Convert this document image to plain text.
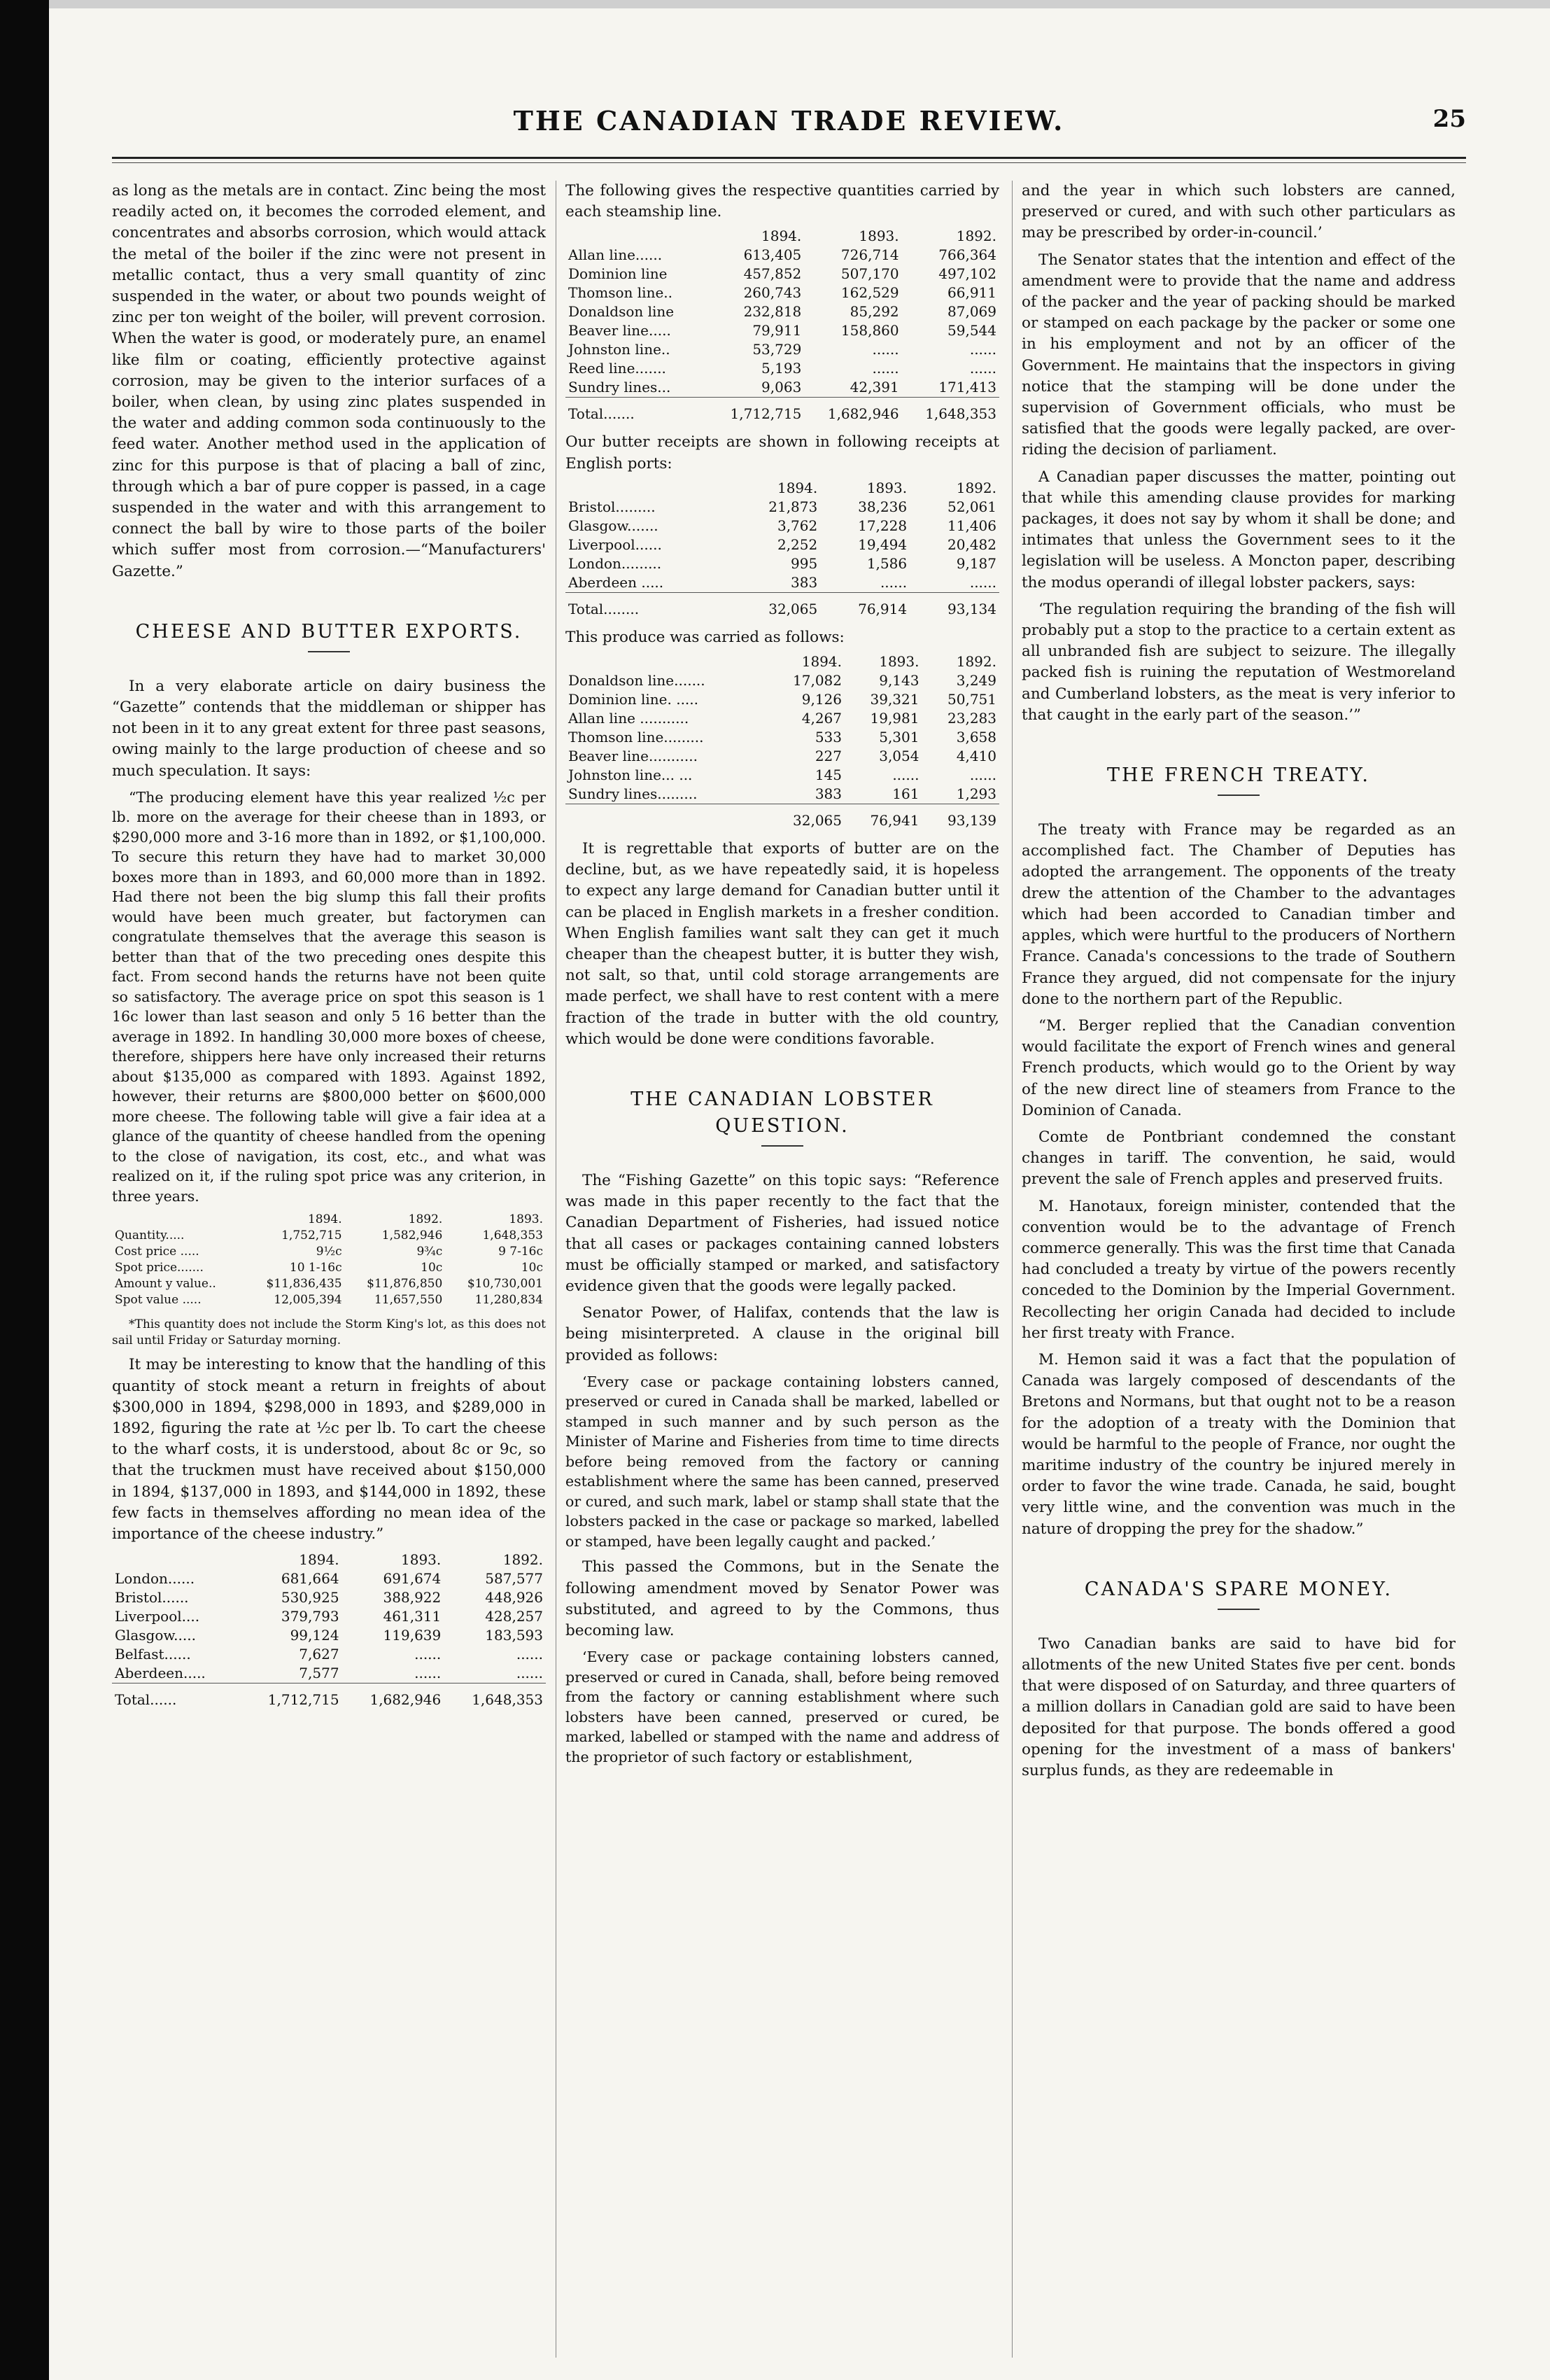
THE CANADIAN TRADE REVIEW.	25

as long as the metals are in contact. Zinc being the most readily acted on, it becomes the corroded element, and concentrates and absorbs corrosion, which would attack the metal of the boiler if the zinc were not present in metallic contact, thus a very small quantity of zinc suspended in the water, or about two pounds weight of zinc per ton weight of the boiler, will prevent corrosion. When the water is good, or moderately pure, an enamel like film or coating, efficiently protective against corrosion, may be given to the interior surfaces of a boiler, when clean, by using zinc plates suspended in the water and adding common soda continuously to the feed water. Another method used in the application of zinc for this purpose is that of placing a ball of zinc, through which a bar of pure copper is passed, in a cage suspended in the water and with this arrangement to connect the ball by wire to those parts of the boiler which suffer most from corrosion.—“Manufacturers' Gazette.”

CHEESE AND BUTTER EXPORTS.

In a very elaborate article on dairy business the “Gazette” contends that the middleman or shipper has not been in it to any great extent for three past seasons, owing mainly to the large production of cheese and so much speculation. It says:

“The producing element have this year realized ½c per lb. more on the average for their cheese than in 1893, or $290,000 more and 3-16 more than in 1892, or $1,100,000. To secure this return they have had to market 30,000 boxes more than in 1893, and 60,000 more than in 1892. Had there not been the big slump this fall their profits would have been much greater, but factorymen can congratulate themselves that the average this season is better than that of the two preceding ones despite this fact. From second hands the returns have not been quite so satisfactory. The average price on spot this season is 1 16c lower than last season and only 5 16 better than the average in 1892. In handling 30,000 more boxes of cheese, therefore, shippers here have only increased their returns about $135,000 as compared with 1893. Against 1892, however, their returns are $800,000 better on $600,000 more cheese. The following table will give a fair idea at a glance of the quantity of cheese handled from the opening to the close of navigation, its cost, etc., and what was realized on it, if the ruling spot price was any criterion, in three years.

	1894.	1892.	1893.
Quantity.....	1,752,715	1,582,946	1,648,353
Cost price .....	9½c	9¾c	9 7-16c
Spot price.......	10 1-16c	10c	10c
Amount y value..	$11,836,435	$11,876,850	$10,730,001
Spot value .....	12,005,394	11,657,550	11,280,834

*This quantity does not include the Storm King's lot, as this does not sail until Friday or Saturday morning.

It may be interesting to know that the handling of this quantity of stock meant a return in freights of about $300,000 in 1894, $298,000 in 1893, and $289,000 in 1892, figuring the rate at ½c per lb. To cart the cheese to the wharf costs, it is understood, about 8c or 9c, so that the truckmen must have received about $150,000 in 1894, $137,000 in 1893, and $144,000 in 1892, these few facts in themselves affording no mean idea of the importance of the cheese industry.”

	1894.	1893.	1892.
London......	681,664	691,674	587,577
Bristol......	530,925	388,922	448,926
Liverpool....	379,793	461,311	428,257
Glasgow.....	99,124	119,639	183,593
Belfast......	7,627	......	......
Aberdeen.....	7,577	......	......
Total......	1,712,715	1,682,946	1,648,353

The following gives the respective quantities carried by each steamship line.

	1894.	1893.	1892.
Allan line......	613,405	726,714	766,364
Dominion line	457,852	507,170	497,102
Thomson line..	260,743	162,529	66,911
Donaldson line	232,818	85,292	87,069
Beaver line.....	79,911	158,860	59,544
Johnston line..	53,729	......	......
Reed line.......	5,193	......	......
Sundry lines...	9,063	42,391	171,413
Total.......	1,712,715	1,682,946	1,648,353

Our butter receipts are shown in following receipts at English ports:

	1894.	1893.	1892.
Bristol.........	21,873	38,236	52,061
Glasgow.......	3,762	17,228	11,406
Liverpool......	2,252	19,494	20,482
London.........	995	1,586	9,187
Aberdeen .....	383	......	......
Total........	32,065	76,914	93,134

This produce was carried as follows:

	1894.	1893.	1892.
Donaldson line.......	17,082	9,143	3,249
Dominion line. .....	9,126	39,321	50,751
Allan line ...........	4,267	19,981	23,283
Thomson line.........	533	5,301	3,658
Beaver line...........	227	3,054	4,410
Johnston line... ...	145	......	......
Sundry lines.........	383	161	1,293
	32,065	76,941	93,139

It is regrettable that exports of butter are on the decline, but, as we have repeatedly said, it is hopeless to expect any large demand for Canadian butter until it can be placed in English markets in a fresher condition. When English families want salt they can get it much cheaper than the cheapest butter, it is butter they wish, not salt, so that, until cold storage arrangements are made perfect, we shall have to rest content with a mere fraction of the trade in butter with the old country, which would be done were conditions favorable.

THE CANADIAN LOBSTER QUESTION.

The “Fishing Gazette” on this topic says: “Reference was made in this paper recently to the fact that the Canadian Department of Fisheries, had issued notice that all cases or packages containing canned lobsters must be officially stamped or marked, and satisfactory evidence given that the goods were legally packed.

Senator Power, of Halifax, contends that the law is being misinterpreted. A clause in the original bill provided as follows:

‘Every case or package containing lobsters canned, preserved or cured in Canada shall be marked, labelled or stamped in such manner and by such person as the Minister of Marine and Fisheries from time to time directs before being removed from the factory or canning establishment where the same has been canned, preserved or cured, and such mark, label or stamp shall state that the lobsters packed in the case or package so marked, labelled or stamped, have been legally caught and packed.’

This passed the Commons, but in the Senate the following amendment moved by Senator Power was substituted, and agreed to by the Commons, thus becoming law.

‘Every case or package containing lobsters canned, preserved or cured in Canada, shall, before being removed from the factory or canning establishment where such lobsters have been canned, preserved or cured, be marked, labelled or stamped with the name and address of the proprietor of such factory or establishment,

and the year in which such lobsters are canned, preserved or cured, and with such other particulars as may be prescribed by order-in-council.’

The Senator states that the intention and effect of the amendment were to provide that the name and address of the packer and the year of packing should be marked or stamped on each package by the packer or some one in his employment and not by an officer of the Government. He maintains that the inspectors in giving notice that the stamping will be done under the supervision of Government officials, who must be satisfied that the goods were legally packed, are over-riding the decision of parliament.

A Canadian paper discusses the matter, pointing out that while this amending clause provides for marking packages, it does not say by whom it shall be done; and intimates that unless the Government sees to it the legislation will be useless. A Moncton paper, describing the modus operandi of illegal lobster packers, says:

‘The regulation requiring the branding of the fish will probably put a stop to the practice to a certain extent as all unbranded fish are subject to seizure. The illegally packed fish is ruining the reputation of Westmoreland and Cumberland lobsters, as the meat is very inferior to that caught in the early part of the season.’”

THE FRENCH TREATY.

The treaty with France may be regarded as an accomplished fact. The Chamber of Deputies has adopted the arrangement. The opponents of the treaty drew the attention of the Chamber to the advantages which had been accorded to Canadian timber and apples, which were hurtful to the producers of Northern France. Canada's concessions to the trade of Southern France they argued, did not compensate for the injury done to the northern part of the Republic.

“M. Berger replied that the Canadian convention would facilitate the export of French wines and general French products, which would go to the Orient by way of the new direct line of steamers from France to the Dominion of Canada.

Comte de Pontbriant condemned the constant changes in tariff. The convention, he said, would prevent the sale of French apples and preserved fruits.

M. Hanotaux, foreign minister, contended that the convention would be to the advantage of French commerce generally. This was the first time that Canada had concluded a treaty by virtue of the powers recently conceded to the Dominion by the Imperial Government. Recollecting her origin Canada had decided to include her first treaty with France.

M. Hemon said it was a fact that the population of Canada was largely composed of descendants of the Bretons and Normans, but that ought not to be a reason for the adoption of a treaty with the Dominion that would be harmful to the people of France, nor ought the maritime industry of the country be injured merely in order to favor the wine trade. Canada, he said, bought very little wine, and the convention was much in the nature of dropping the prey for the shadow.”

CANADA'S SPARE MONEY.

Two Canadian banks are said to have bid for allotments of the new United States five per cent. bonds that were disposed of on Saturday, and three quarters of a million dollars in Canadian gold are said to have been deposited for that purpose. The bonds offered a good opening for the investment of a mass of bankers' surplus funds, as they are redeemable in
